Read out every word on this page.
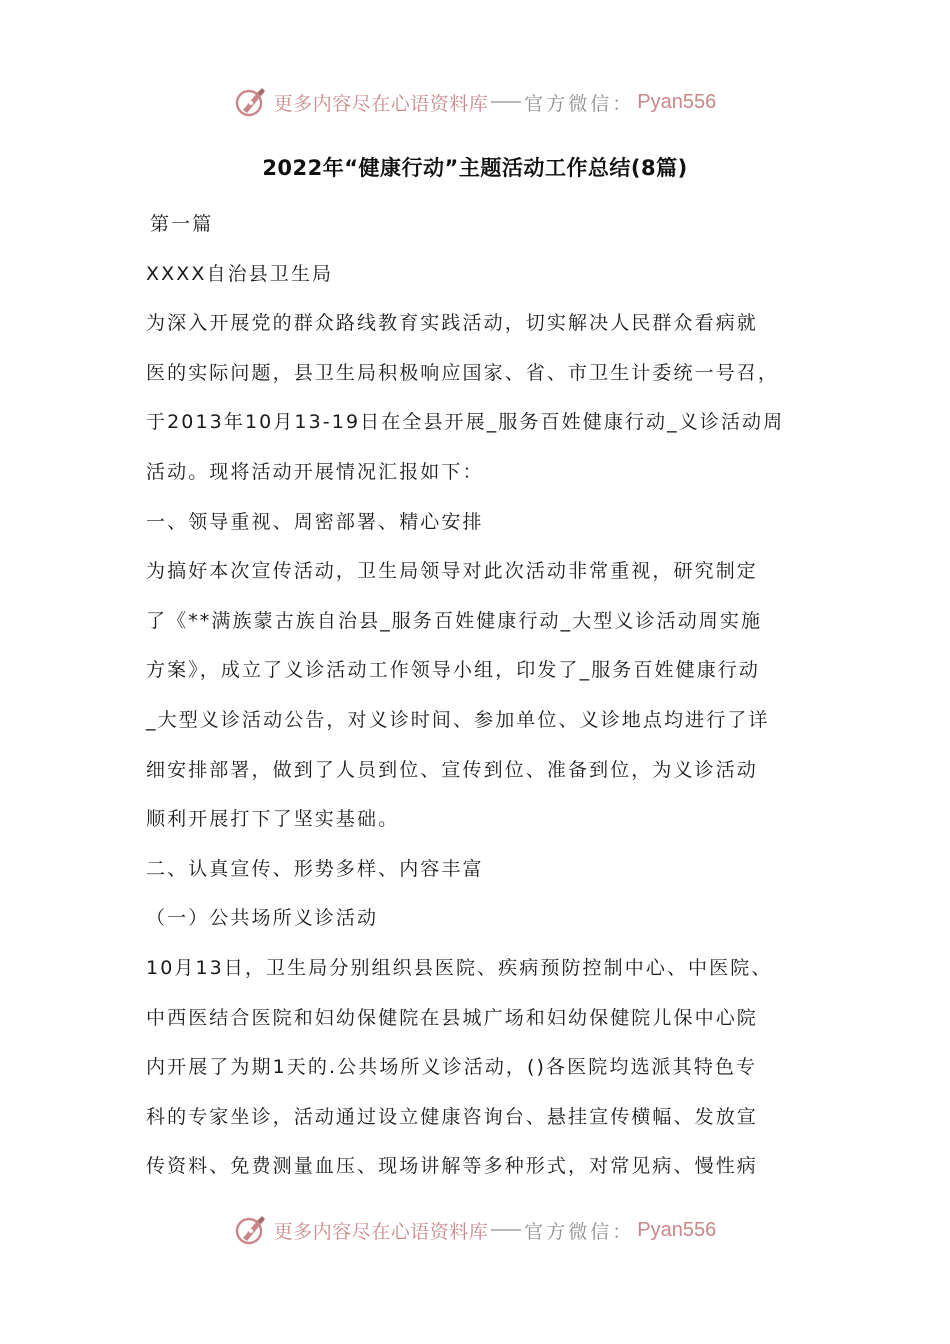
更多内容尽在心语资料库 官方微信 ： Pyan556
2022年“健康行动”主题活动工作总结(8篇)

第一篇

XXXX自治县卫生局

为深入开展党的群众路线教育实践活动，切实解决人民群众看病就

医的实际问题，县卫生局积极响应国家、省、市卫生计委统一号召，

于2013年10月13-19日在全县开展_服务百姓健康行动_义诊活动周

活动。现将活动开展情况汇报如下：

一、领导重视、周密部署、精心安排

为搞好本次宣传活动，卫生局领导对此次活动非常重视，研究制定

了《**满族蒙古族自治县_服务百姓健康行动_大型义诊活动周实施

方案》，成立了义诊活动工作领导小组，印发了_服务百姓健康行动

_大型义诊活动公告，对义诊时间、参加单位、义诊地点均进行了详

细安排部署，做到了人员到位、宣传到位、准备到位，为义诊活动

顺利开展打下了坚实基础。

二、认真宣传、形势多样、内容丰富

（一）公共场所义诊活动

10月13日，卫生局分别组织县医院、疾病预防控制中心、中医院、

中西医结合医院和妇幼保健院在县城广场和妇幼保健院儿保中心院

内开展了为期1天的.公共场所义诊活动，()各医院均选派其特色专

科的专家坐诊，活动通过设立健康咨询台、悬挂宣传横幅、发放宣

传资料、免费测量血压、现场讲解等多种形式，对常见病、慢性病

更多内容尽在心语资料库 官方微信 ： Pyan556
